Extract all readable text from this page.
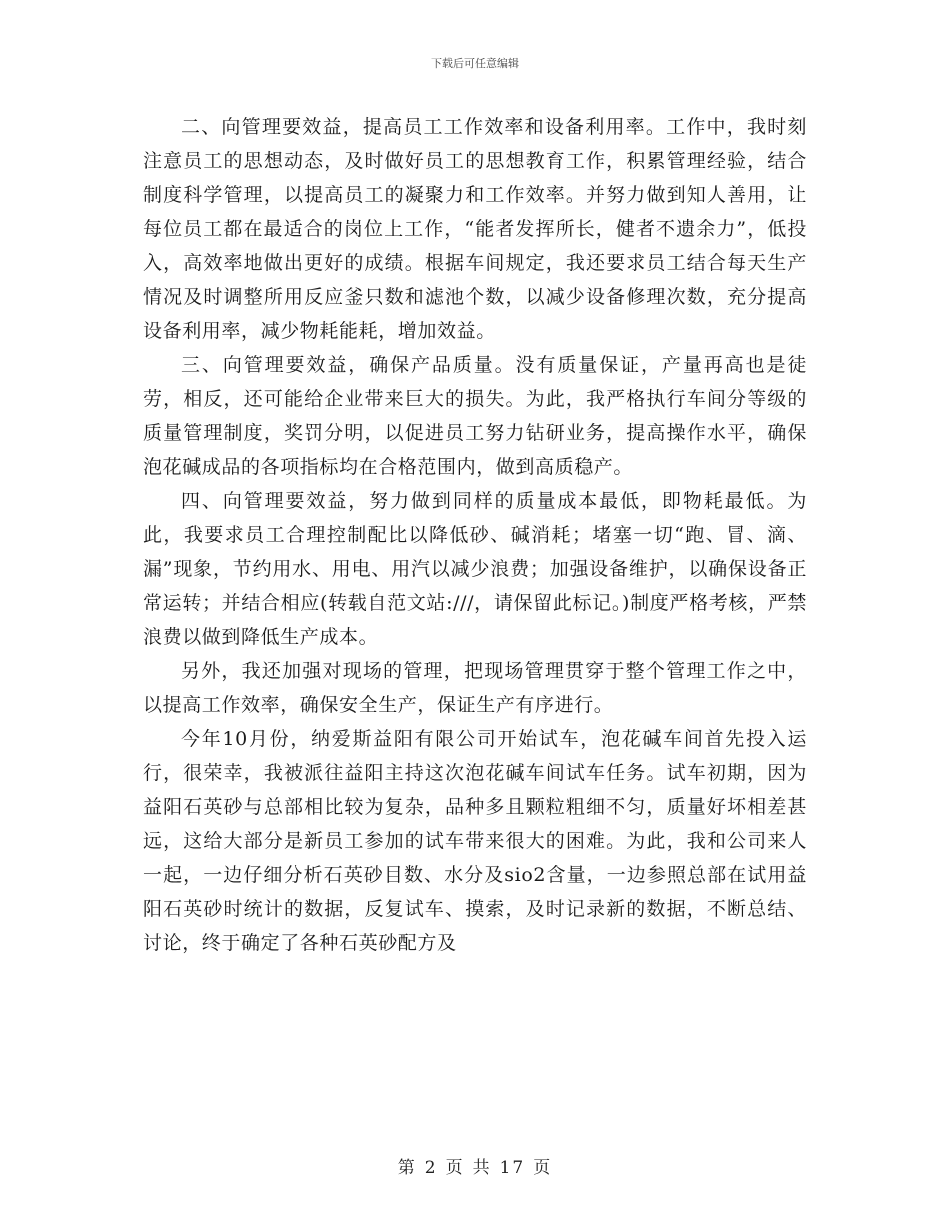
下载后可任意编辑

二、向管理要效益，提高员工工作效率和设备利用率。工作中，我时刻注意员工的思想动态，及时做好员工的思想教育工作，积累管理经验，结合制度科学管理，以提高员工的凝聚力和工作效率。并努力做到知人善用，让每位员工都在最适合的岗位上工作，“能者发挥所长，健者不遗余力”，低投入，高效率地做出更好的成绩。根据车间规定，我还要求员工结合每天生产情况及时调整所用反应釜只数和滤池个数，以减少设备修理次数，充分提高设备利用率，减少物耗能耗，增加效益。

三、向管理要效益，确保产品质量。没有质量保证，产量再高也是徒劳，相反，还可能给企业带来巨大的损失。为此，我严格执行车间分等级的质量管理制度，奖罚分明，以促进员工努力钻研业务，提高操作水平，确保泡花碱成品的各项指标均在合格范围内，做到高质稳产。

四、向管理要效益，努力做到同样的质量成本最低，即物耗最低。为此，我要求员工合理控制配比以降低砂、碱消耗；堵塞一切“跑、冒、滴、漏”现象，节约用水、用电、用汽以减少浪费；加强设备维护，以确保设备正常运转；并结合相应(转载自范文站:///，请保留此标记。)制度严格考核，严禁浪费以做到降低生产成本。

另外，我还加强对现场的管理，把现场管理贯穿于整个管理工作之中，以提高工作效率，确保安全生产，保证生产有序进行。

今年10月份，纳爱斯益阳有限公司开始试车，泡花碱车间首先投入运行，很荣幸，我被派往益阳主持这次泡花碱车间试车任务。试车初期，因为益阳石英砂与总部相比较为复杂，品种多且颗粒粗细不匀，质量好坏相差甚远，这给大部分是新员工参加的试车带来很大的困难。为此，我和公司来人一起，一边仔细分析石英砂目数、水分及sio2含量，一边参照总部在试用益阳石英砂时统计的数据，反复试车、摸索，及时记录新的数据，不断总结、讨论，终于确定了各种石英砂配方及

第 2 页 共 17 页
